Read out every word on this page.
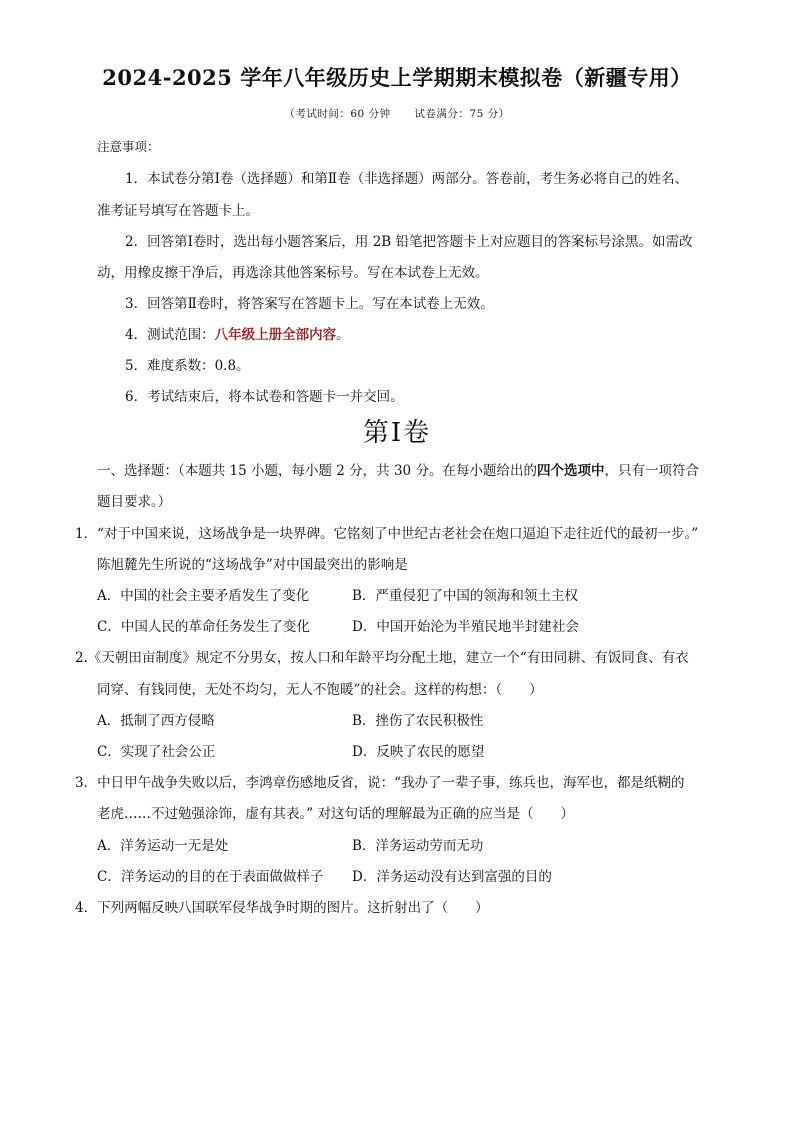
2024-2025 学年八年级历史上学期期末模拟卷（新疆专用）
（考试时间：60 分钟 试卷满分：75 分）
注意事项：
1．本试卷分第Ⅰ卷（选择题）和第Ⅱ卷（非选择题）两部分。答卷前，考生务必将自己的姓名、
准考证号填写在答题卡上。
2．回答第Ⅰ卷时，选出每小题答案后，用 2B 铅笔把答题卡上对应题目的答案标号涂黑。如需改
动，用橡皮擦干净后，再选涂其他答案标号。写在本试卷上无效。
3．回答第Ⅱ卷时，将答案写在答题卡上。写在本试卷上无效。
4．测试范围：八年级上册全部内容。
5．难度系数：0.8。
6．考试结束后，将本试卷和答题卡一并交回。
第Ⅰ卷
一、选择题：（本题共 15 小题，每小题 2 分，共 30 分。在每小题给出的四个选项中，只有一项符合
题目要求。）
1．“对于中国来说，这场战争是一块界碑。它铭刻了中世纪古老社会在炮口逼迫下走往近代的最初一步。”
陈旭麓先生所说的“这场战争”对中国最突出的影响是
A．中国的社会主要矛盾发生了变化	B．严重侵犯了中国的领海和领土主权
C．中国人民的革命任务发生了变化	D．中国开始沦为半殖民地半封建社会
2.《天朝田亩制度》规定不分男女，按人口和年龄平均分配土地，建立一个“有田同耕、有饭同食、有衣
同穿、有钱同使，无处不均匀，无人不饱暖”的社会。这样的构想：（　　）
A．抵制了西方侵略	B．挫伤了农民积极性
C．实现了社会公正	D．反映了农民的愿望
3．中日甲午战争失败以后，李鸿章伤感地反省，说：“我办了一辈子事，练兵也，海军也，都是纸糊的
老虎……不过勉强涂饰，虚有其表。” 对这句话的理解最为正确的应当是（　　）
A．洋务运动一无是处	B．洋务运动劳而无功
C．洋务运动的目的在于表面做做样子 D．洋务运动没有达到富强的目的
4．下列两幅反映八国联军侵华战争时期的图片。这折射出了（　　）
